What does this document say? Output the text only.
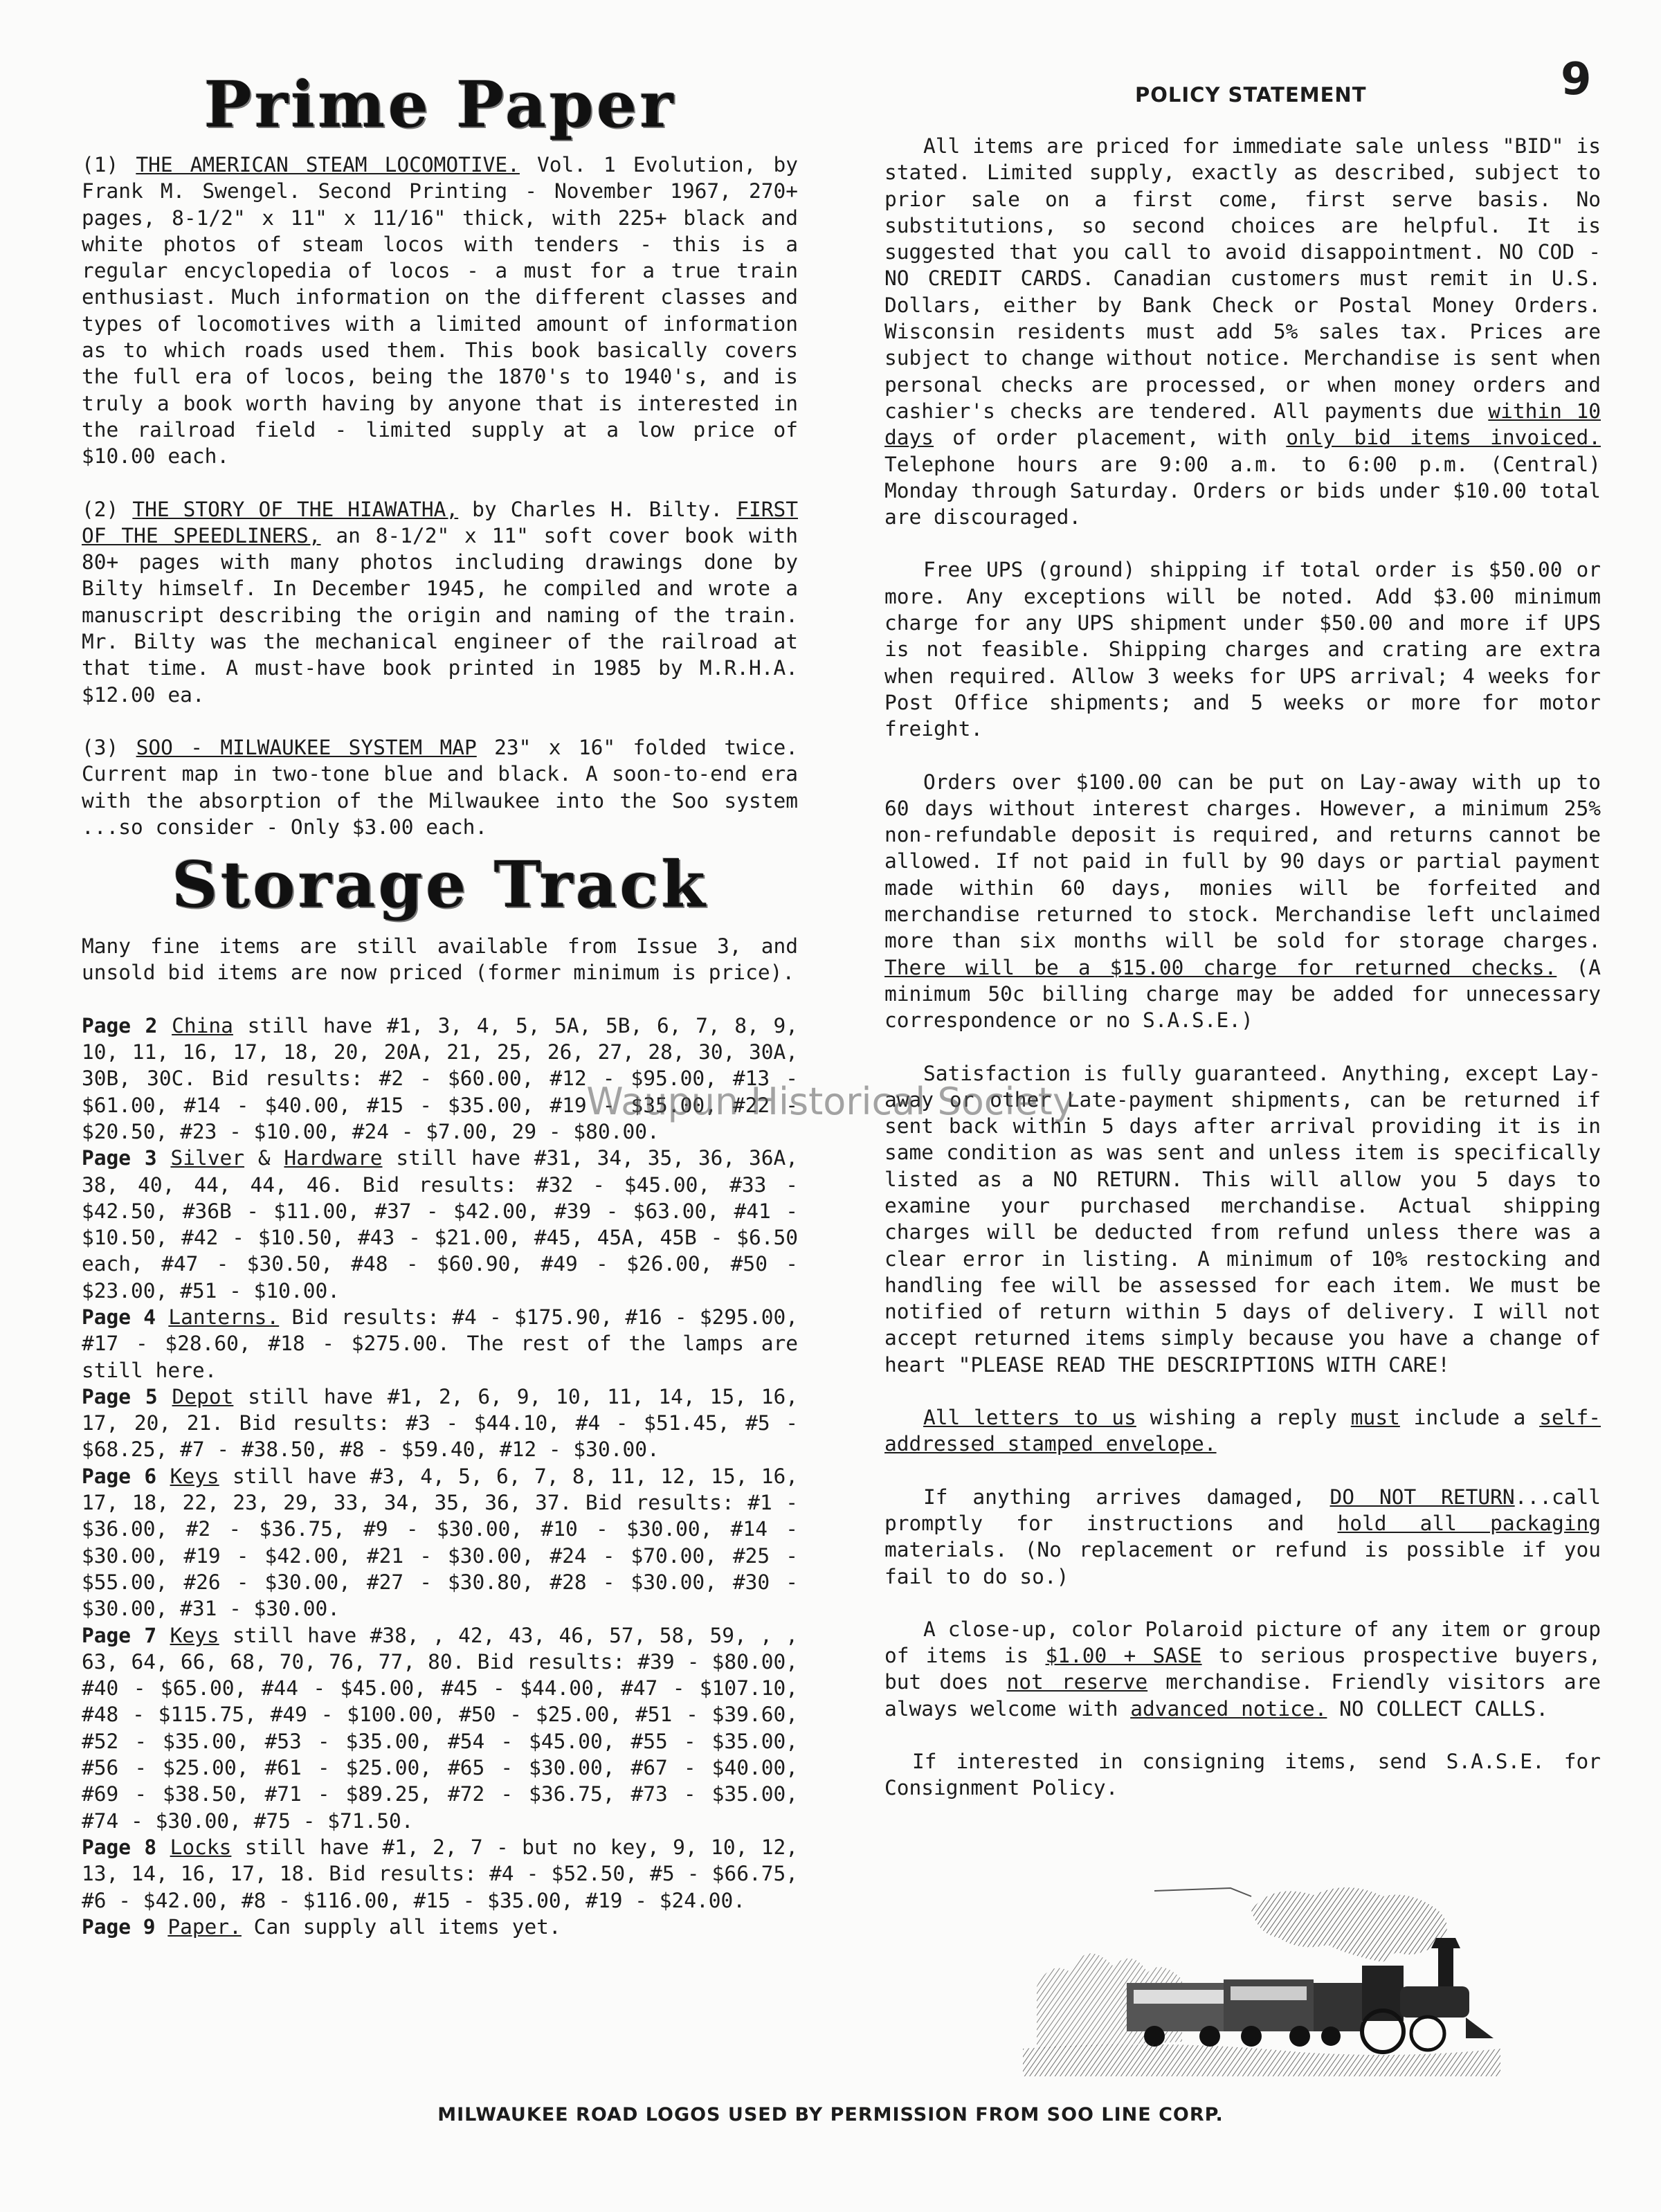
9
POLICY STATEMENT
Prime Paper

(1) THE AMERICAN STEAM LOCOMOTIVE. Vol. 1 Evolution, by Frank M. Swengel. Second Printing - November 1967, 270+ pages, 8-1/2" x 11" x 11/16" thick, with 225+ black and white photos of steam locos with tenders - this is a regular encyclopedia of locos - a must for a true train enthusiast. Much information on the different classes and types of locomotives with a limited amount of information as to which roads used them. This book basically covers the full era of locos, being the 1870's to 1940's, and is truly a book worth having by anyone that is interested in the railroad field - limited supply at a low price of $10.00 each.

(2) THE STORY OF THE HIAWATHA, by Charles H. Bilty. FIRST OF THE SPEEDLINERS, an 8-1/2" x 11" soft cover book with 80+ pages with many photos including drawings done by Bilty himself. In December 1945, he compiled and wrote a manuscript describing the origin and naming of the train. Mr. Bilty was the mechanical engineer of the railroad at that time. A must-have book printed in 1985 by M.R.H.A. $12.00 ea.

(3) SOO - MILWAUKEE SYSTEM MAP 23" x 16" folded twice. Current map in two-tone blue and black. A soon-to-end era with the absorption of the Milwaukee into the Soo system ...so consider - Only $3.00 each.

Storage Track

Many fine items are still available from Issue 3, and unsold bid items are now priced (former minimum is price).

Page 2 China still have #1, 3, 4, 5, 5A, 5B, 6, 7, 8, 9, 10, 11, 16, 17, 18, 20, 20A, 21, 25, 26, 27, 28, 30, 30A, 30B, 30C. Bid results: #2 - $60.00, #12 - $95.00, #13 - $61.00, #14 - $40.00, #15 - $35.00, #19 - $35.00, #22 - $20.50, #23 - $10.00, #24 - $7.00, 29 - $80.00.

Page 3 Silver & Hardware still have #31, 34, 35, 36, 36A, 38, 40, 44, 44, 46. Bid results: #32 - $45.00, #33 - $42.50, #36B - $11.00, #37 - $42.00, #39 - $63.00, #41 - $10.50, #42 - $10.50, #43 - $21.00, #45, 45A, 45B - $6.50 each, #47 - $30.50, #48 - $60.90, #49 - $26.00, #50 - $23.00, #51 - $10.00.

Page 4 Lanterns. Bid results: #4 - $175.90, #16 - $295.00, #17 - $28.60, #18 - $275.00. The rest of the lamps are still here.

Page 5 Depot still have #1, 2, 6, 9, 10, 11, 14, 15, 16, 17, 20, 21. Bid results: #3 - $44.10, #4 - $51.45, #5 - $68.25, #7 - #38.50, #8 - $59.40, #12 - $30.00.

Page 6 Keys still have #3, 4, 5, 6, 7, 8, 11, 12, 15, 16, 17, 18, 22, 23, 29, 33, 34, 35, 36, 37. Bid results: #1 - $36.00, #2 - $36.75, #9 - $30.00, #10 - $30.00, #14 - $30.00, #19 - $42.00, #21 - $30.00, #24 - $70.00, #25 - $55.00, #26 - $30.00, #27 - $30.80, #28 - $30.00, #30 - $30.00, #31 - $30.00.

Page 7 Keys still have #38, , 42, 43, 46, 57, 58, 59, , , 63, 64, 66, 68, 70, 76, 77, 80. Bid results: #39 - $80.00, #40 - $65.00, #44 - $45.00, #45 - $44.00, #47 - $107.10, #48 - $115.75, #49 - $100.00, #50 - $25.00, #51 - $39.60, #52 - $35.00, #53 - $35.00, #54 - $45.00, #55 - $35.00, #56 - $25.00, #61 - $25.00, #65 - $30.00, #67 - $40.00, #69 - $38.50, #71 - $89.25, #72 - $36.75, #73 - $35.00, #74 - $30.00, #75 - $71.50.

Page 8 Locks still have #1, 2, 7 - but no key, 9, 10, 12, 13, 14, 16, 17, 18. Bid results: #4 - $52.50, #5 - $66.75, #6 - $42.00, #8 - $116.00, #15 - $35.00, #19 - $24.00.

Page 9 Paper. Can supply all items yet.

All items are priced for immediate sale unless "BID" is stated. Limited supply, exactly as described, subject to prior sale on a first come, first serve basis. No substitutions, so second choices are helpful. It is suggested that you call to avoid disappointment. NO COD - NO CREDIT CARDS. Canadian customers must remit in U.S. Dollars, either by Bank Check or Postal Money Orders. Wisconsin residents must add 5% sales tax. Prices are subject to change without notice. Merchandise is sent when personal checks are processed, or when money orders and cashier's checks are tendered. All payments due within 10 days of order placement, with only bid items invoiced. Telephone hours are 9:00 a.m. to 6:00 p.m. (Central) Monday through Saturday. Orders or bids under $10.00 total are discouraged.

Free UPS (ground) shipping if total order is $50.00 or more. Any exceptions will be noted. Add $3.00 minimum charge for any UPS shipment under $50.00 and more if UPS is not feasible. Shipping charges and crating are extra when required. Allow 3 weeks for UPS arrival; 4 weeks for Post Office shipments; and 5 weeks or more for motor freight.

Orders over $100.00 can be put on Lay-away with up to 60 days without interest charges. However, a minimum 25% non-refundable deposit is required, and returns cannot be allowed. If not paid in full by 90 days or partial payment made within 60 days, monies will be forfeited and merchandise returned to stock. Merchandise left unclaimed more than six months will be sold for storage charges. There will be a $15.00 charge for returned checks. (A minimum 50c billing charge may be added for unnecessary correspondence or no S.A.S.E.)

Satisfaction is fully guaranteed. Anything, except Lay-away or other Late-payment shipments, can be returned if sent back within 5 days after arrival providing it is in same condition as was sent and unless item is specifically listed as a NO RETURN. This will allow you 5 days to examine your purchased merchandise. Actual shipping charges will be deducted from refund unless there was a clear error in listing. A minimum of 10% restocking and handling fee will be assessed for each item. We must be notified of return within 5 days of delivery. I will not accept returned items simply because you have a change of heart "PLEASE READ THE DESCRIPTIONS WITH CARE!

All letters to us wishing a reply must include a self-addressed stamped envelope.

If anything arrives damaged, DO NOT RETURN...call promptly for instructions and hold all packaging materials. (No replacement or refund is possible if you fail to do so.)

A close-up, color Polaroid picture of any item or group of items is $1.00 + SASE to serious prospective buyers, but does not reserve merchandise. Friendly visitors are always welcome with advanced notice. NO COLLECT CALLS.

If interested in consigning items, send S.A.S.E. for Consignment Policy.

Waupun Historical Society
MILWAUKEE ROAD LOGOS USED BY PERMISSION FROM SOO LINE CORP.
